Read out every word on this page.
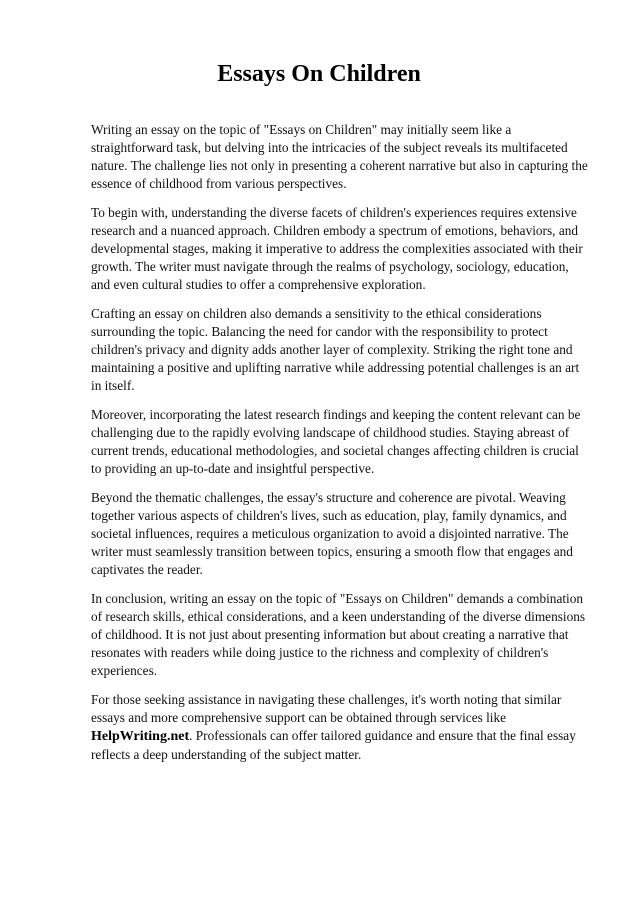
Essays On Children

Writing an essay on the topic of "Essays on Children" may initially seem like a straightforward task, but delving into the intricacies of the subject reveals its multifaceted nature. The challenge lies not only in presenting a coherent narrative but also in capturing the essence of childhood from various perspectives.

To begin with, understanding the diverse facets of children's experiences requires extensive research and a nuanced approach. Children embody a spectrum of emotions, behaviors, and developmental stages, making it imperative to address the complexities associated with their growth. The writer must navigate through the realms of psychology, sociology, education, and even cultural studies to offer a comprehensive exploration.

Crafting an essay on children also demands a sensitivity to the ethical considerations surrounding the topic. Balancing the need for candor with the responsibility to protect children's privacy and dignity adds another layer of complexity. Striking the right tone and maintaining a positive and uplifting narrative while addressing potential challenges is an art in itself.

Moreover, incorporating the latest research findings and keeping the content relevant can be challenging due to the rapidly evolving landscape of childhood studies. Staying abreast of current trends, educational methodologies, and societal changes affecting children is crucial to providing an up-to-date and insightful perspective.

Beyond the thematic challenges, the essay's structure and coherence are pivotal. Weaving together various aspects of children's lives, such as education, play, family dynamics, and societal influences, requires a meticulous organization to avoid a disjointed narrative. The writer must seamlessly transition between topics, ensuring a smooth flow that engages and captivates the reader.

In conclusion, writing an essay on the topic of "Essays on Children" demands a combination of research skills, ethical considerations, and a keen understanding of the diverse dimensions of childhood. It is not just about presenting information but about creating a narrative that resonates with readers while doing justice to the richness and complexity of children's experiences.

For those seeking assistance in navigating these challenges, it's worth noting that similar essays and more comprehensive support can be obtained through services like HelpWriting.net. Professionals can offer tailored guidance and ensure that the final essay reflects a deep understanding of the subject matter.
